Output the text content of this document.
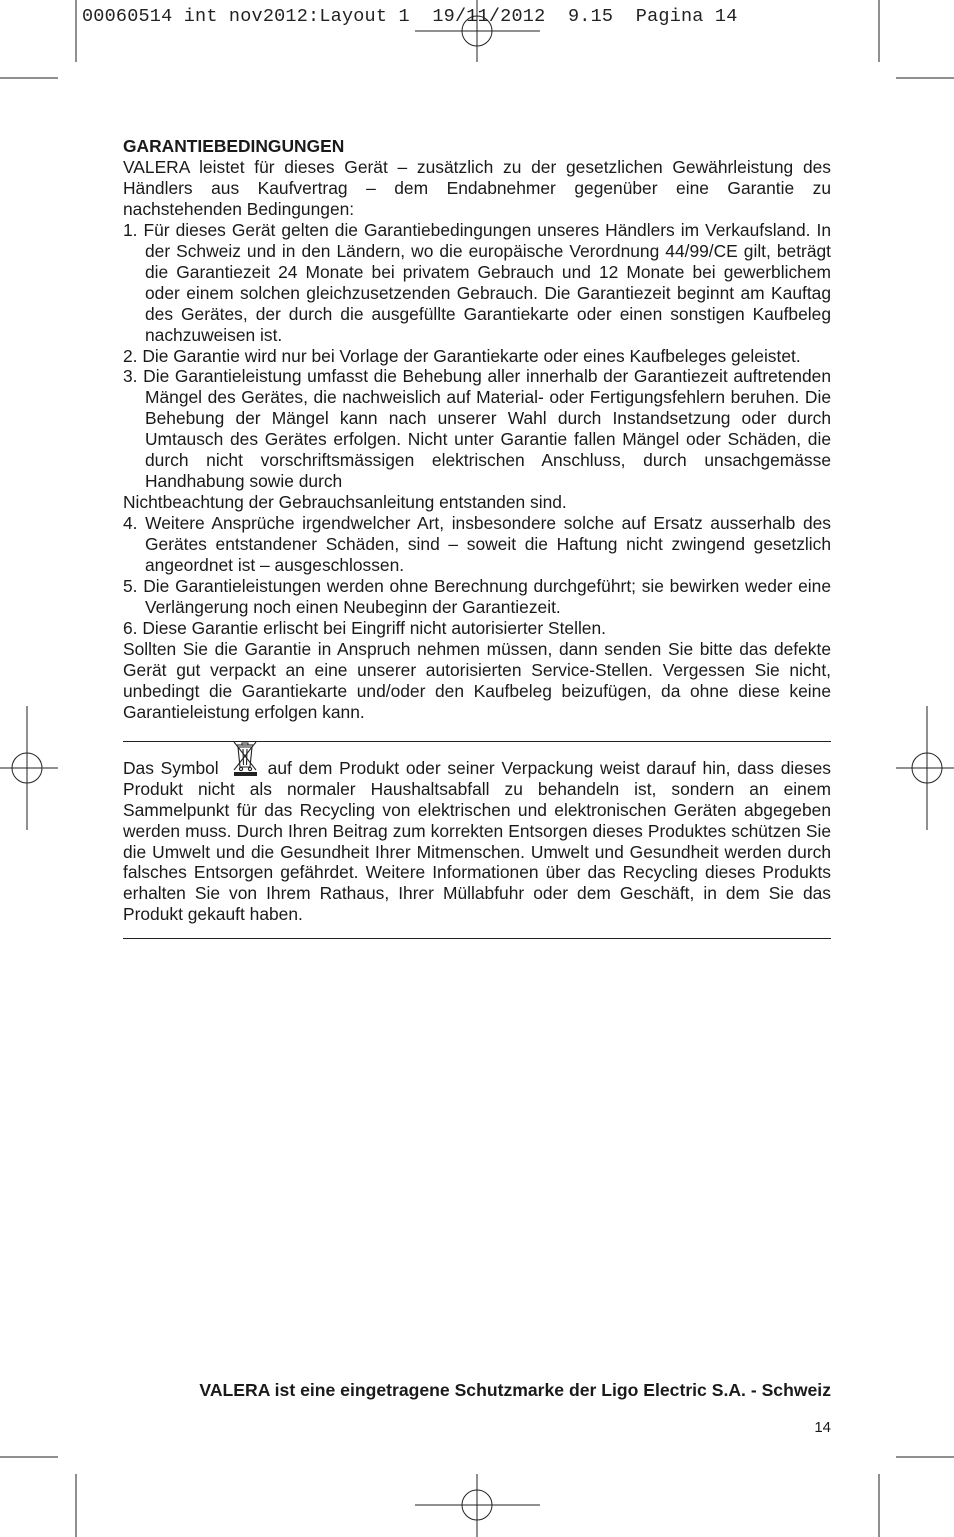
00060514 int nov2012:Layout 1  19/11/2012  9.15  Pagina 14

GARANTIEBEDINGUNGEN

VALERA leistet für dieses Gerät – zusätzlich zu der gesetzlichen Gewährleistung des Händlers aus Kaufvertrag – dem Endabnehmer gegenüber eine Garantie zu nachstehenden Bedingungen:

1. Für dieses Gerät gelten die Garantiebedingungen unseres Händlers im Verkaufsland. In der Schweiz und in den Ländern, wo die europäische Verordnung 44/99/CE gilt, beträgt die Garantiezeit 24 Monate bei privatem Gebrauch und 12 Monate bei gewerblichem oder einem solchen gleichzusetzenden Gebrauch. Die Garantiezeit beginnt am Kauftag des Gerätes, der durch die ausgefüllte Garantiekarte oder einen sonstigen Kaufbeleg nachzuweisen ist.

2. Die Garantie wird nur bei Vorlage der Garantiekarte oder eines Kaufbeleges geleistet.

3. Die Garantieleistung umfasst die Behebung aller innerhalb der Garantiezeit auftretenden Mängel des Gerätes, die nachweislich auf Material- oder Fertigungsfehlern beruhen. Die Behebung der Mängel kann nach unserer Wahl durch Instandsetzung oder durch Umtausch des Gerätes erfolgen. Nicht unter Garantie fallen Mängel oder Schäden, die durch nicht vorschriftsmässigen elektrischen Anschluss, durch unsachgemässe Handhabung sowie durch

Nichtbeachtung der Gebrauchsanleitung entstanden sind.

4. Weitere Ansprüche irgendwelcher Art, insbesondere solche auf Ersatz ausserhalb des Gerätes entstandener Schäden, sind – soweit die Haftung nicht zwingend gesetzlich angeordnet ist – ausgeschlossen.

5. Die Garantieleistungen werden ohne Berechnung durchgeführt; sie bewirken weder eine Verlängerung noch einen Neubeginn der Garantiezeit.

6. Diese Garantie erlischt bei Eingriff nicht autorisierter Stellen.

Sollten Sie die Garantie in Anspruch nehmen müssen, dann senden Sie bitte das defekte Gerät gut verpackt an eine unserer autorisierten Service-Stellen. Vergessen Sie nicht, unbedingt die Garantiekarte und/oder den Kaufbeleg beizufügen, da ohne diese keine Garantieleistung erfolgen kann.

Das Symbol	auf dem Produkt oder seiner Verpackung weist darauf hin, dass dieses Produkt nicht als normaler Haushaltsabfall zu behandeln ist, sondern an einem Sammelpunkt für das Recycling von elektrischen und elektronischen Geräten abgegeben werden muss. Durch Ihren Beitrag zum korrekten Entsorgen dieses Produktes schützen Sie die Umwelt und die Gesundheit Ihrer Mitmenschen. Umwelt und Gesundheit werden durch falsches Entsorgen gefährdet. Weitere Informationen über das Recycling dieses Produkts erhalten Sie von Ihrem Rathaus, Ihrer Müllabfuhr oder dem Geschäft, in dem Sie das Produkt gekauft haben.

VALERA ist eine eingetragene Schutzmarke der Ligo Electric S.A. - Schweiz
14
